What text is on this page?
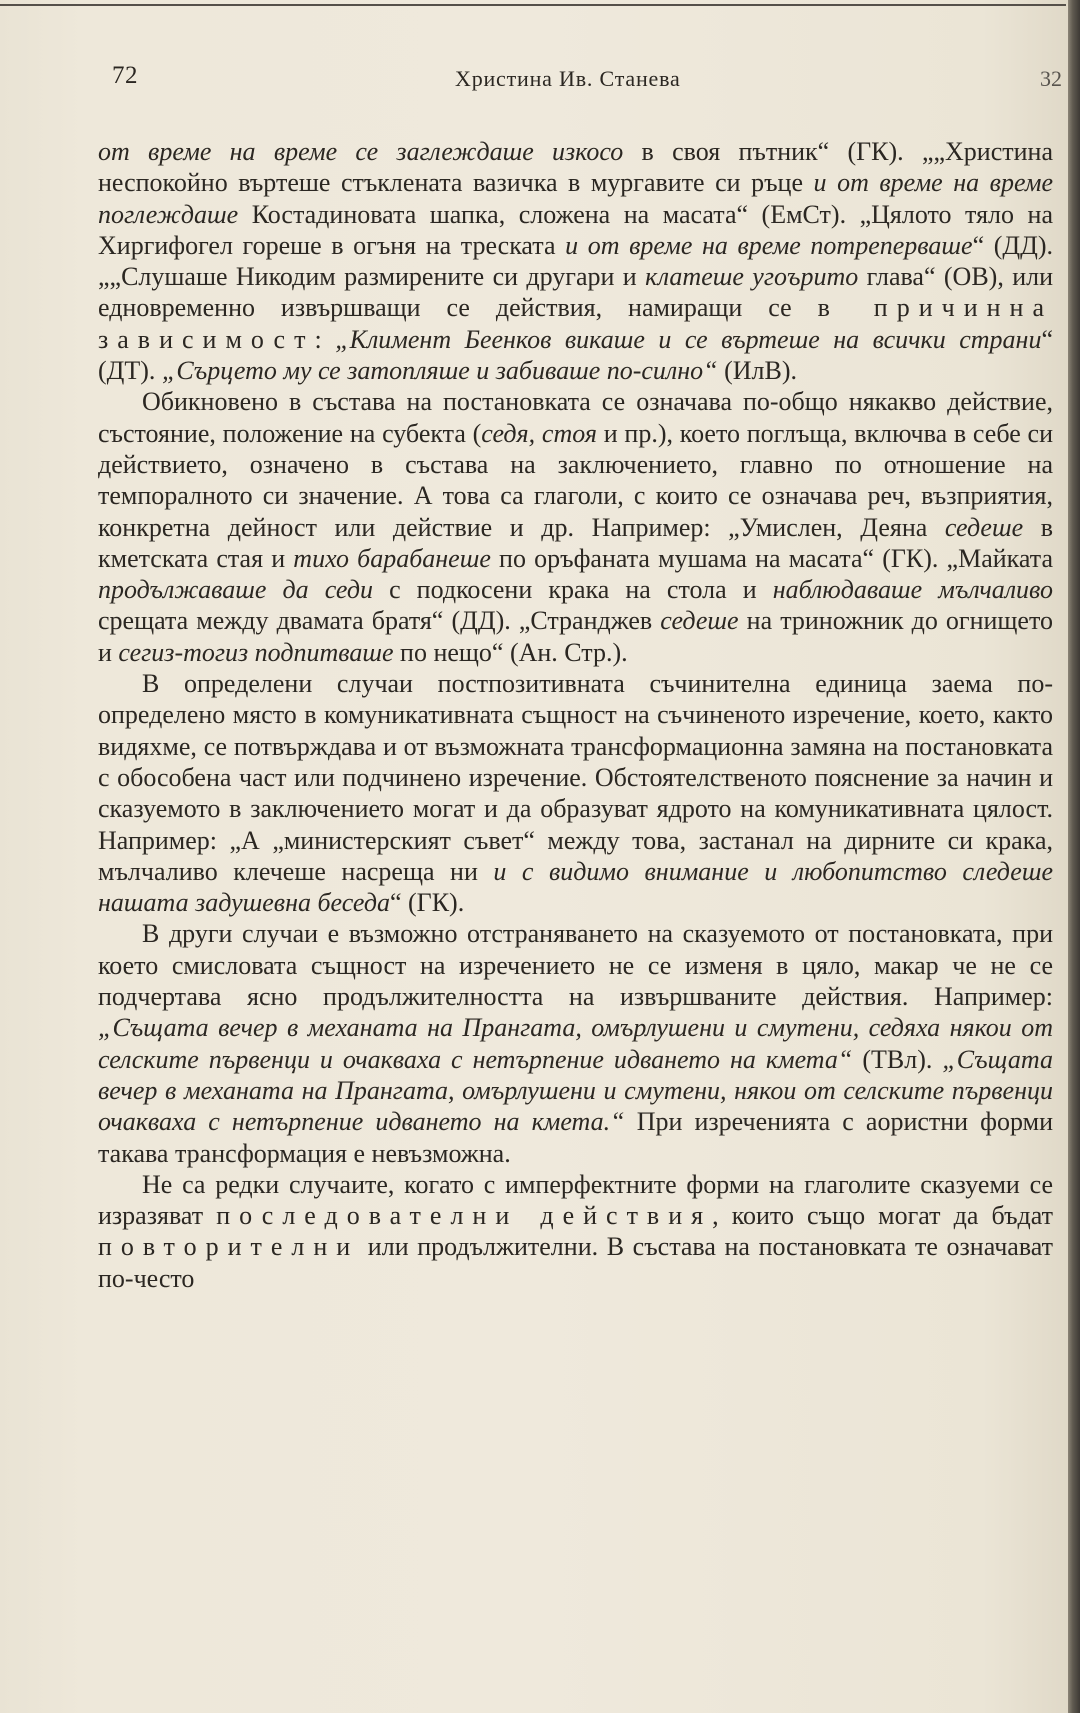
72	Христина Ив. Станева	32

от време на време се заглеждаше изкосо в своя пътник“ (ГК). „„Христина неспокойно въртеше стъклената вазичка в мургавите си ръце и от време на време поглеждаше Костадиновата шапка, сложена на масата“ (ЕмСт). „Цялото тяло на Хиргифогел гореше в огъня на треската и от време на време потреперваше“ (ДД). „„Слушаше Никодим размирените си другари и клатеше угоърито глава“ (ОВ), или едновременно извършващи се действия, намиращи се в причинна зависимост: „Климент Беенков викаше и се въртеше на всички страни“ (ДТ). „Сърцето му се затопляше и забиваше по-силно“ (ИлВ).

Обикновено в състава на постановката се означава по-общо някакво действие, състояние, положение на субекта (седя, стоя и пр.), което поглъща, включва в себе си действието, означено в състава на заключението, главно по отношение на темпоралното си значение. А това са глаголи, с които се означава реч, възприятия, конкретна дейност или действие и др. Например: „Умислен, Деяна седеше в кметската стая и тихо барабанеше по оръфаната мушама на масата“ (ГК). „Майката продължаваше да седи с подкосени крака на стола и наблюдаваше мълчаливо срещата между двамата братя“ (ДД). „Странджев седеше на триножник до огнището и сегиз-тогиз подпитваше по нещо“ (Ан. Стр.).

В определени случаи постпозитивната съчинителна единица заема по-определено място в комуникативната същност на съчиненото изречение, което, както видяхме, се потвърждава и от възможната трансформационна замяна на постановката с обособена част или подчинено изречение. Обстоятелственото пояснение за начин и сказуемото в заключението могат и да образуват ядрото на комуникативната цялост. Например: „А „министерският съвет“ между това, застанал на дирните си крака, мълчаливо клечеше насреща ни и с видимо внимание и любопитство следеше нашата задушевна беседа“ (ГК).

В други случаи е възможно отстраняването на сказуемото от постановката, при което смисловата същност на изречението не се изменя в цяло, макар че не се подчертава ясно продължителността на извършваните действия. Например: „Същата вечер в механата на Прангата, омърлушени и смутени, седяха някои от селските първенци и очакваха с нетърпение идването на кмета“ (ТВл). „Същата вечер в механата на Прангата, омърлушени и смутени, някои от селските първенци очакваха с нетърпение идването на кмета.“ При изреченията с аористни форми такава трансформация е невъзможна.

Не са редки случаите, когато с имперфектните форми на глаголите сказуеми се изразяват последователни действия, които също могат да бъдат повторителни или продължителни. В състава на постановката те означават по-често
